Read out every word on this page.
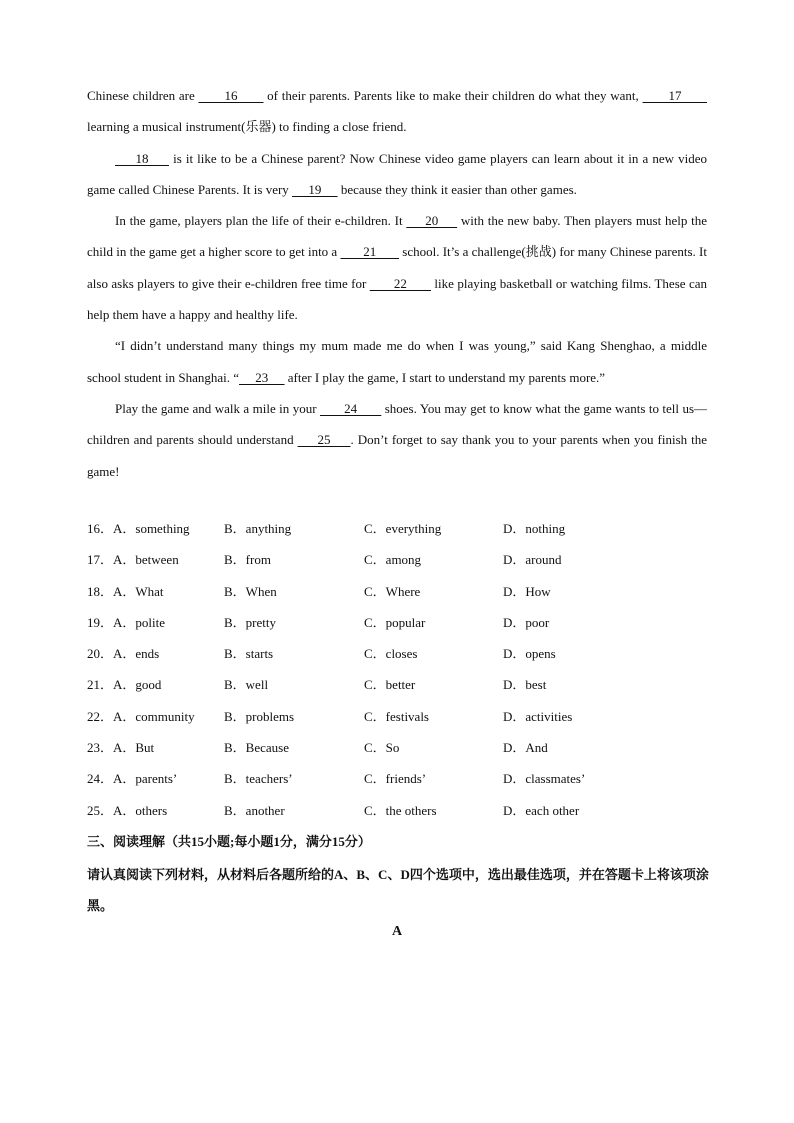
Chinese children are        16        of their parents. Parents like to make their children do what they want,        17        learning a musical instrument(乐器) to finding a close friend.

18      is it like to be a Chinese parent? Now Chinese video game players can learn about it in a new video game called Chinese Parents. It is very      19      because they think it easier than other games.

In the game, players plan the life of their e-children. It      20      with the new baby. Then players must help the child in the game get a higher score to get into a        21        school. It’s a challenge(挑战) for many Chinese parents. It also asks players to give their e-children free time for        22        like playing basketball or watching films. These can help them have a happy and healthy life.

“I didn’t understand many things my mum made me do when I was young,” said Kang Shenghao, a middle school student in Shanghai. “     23      after I play the game, I start to understand my parents more.”

Play the game and walk a mile in your        24        shoes. You may get to know what the game wants to tell us—children and parents should understand      25     . Don’t forget to say thank you to your parents when you finish the game!

16．A．something	B．anything	C．everything	D．nothing
17．A．between	B．from	C．among	D．around
18．A．What	B．When	C．Where	D．How
19．A．polite	B．pretty	C．popular	D．poor
20．A．ends	B．starts	C．closes	D．opens
21．A．good	B．well	C．better	D．best
22．A．community	B．problems	C．festivals	D．activities
23．A．But	B．Because	C．So	D．And
24．A．parents’	B．teachers’	C．friends’	D．classmates’
25．A．others	B．another	C．the others	D．each other

三、阅读理解（共15小题;每小题1分，满分15分）

请认真阅读下列材料，从材料后各题所给的A、B、C、D四个选项中，选出最佳选项，并在答题卡上将该项涂黑。

A
